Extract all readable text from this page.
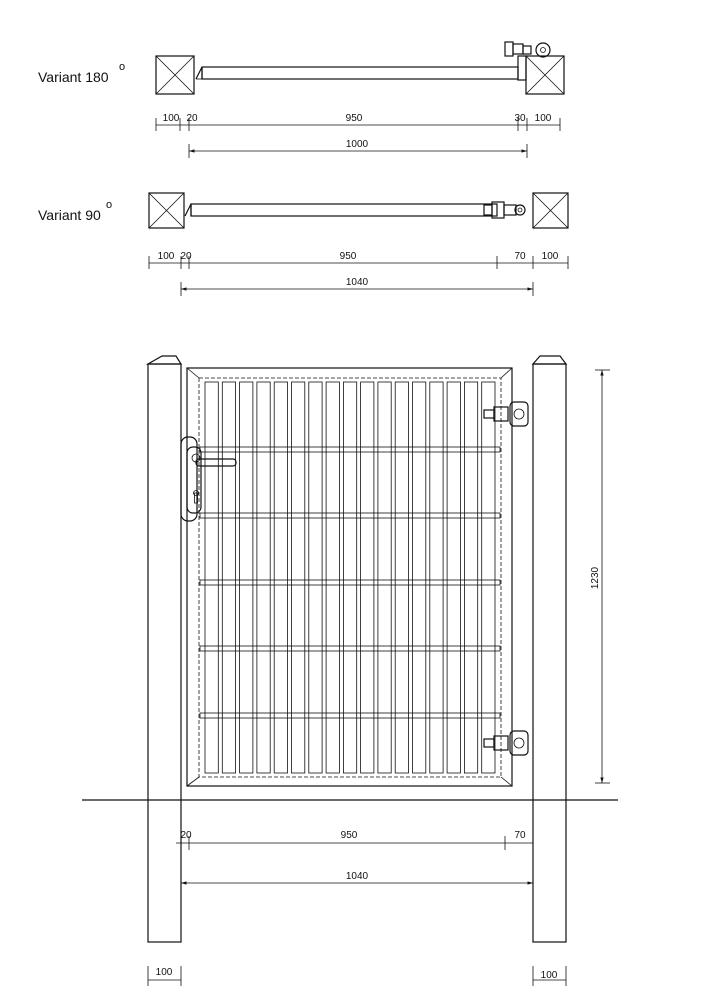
Variant 180
o
100 20	950	30 100
1000
Variant 90
o
100 20	950	70 100
1040
1230
20	950	70
1040
100	100
